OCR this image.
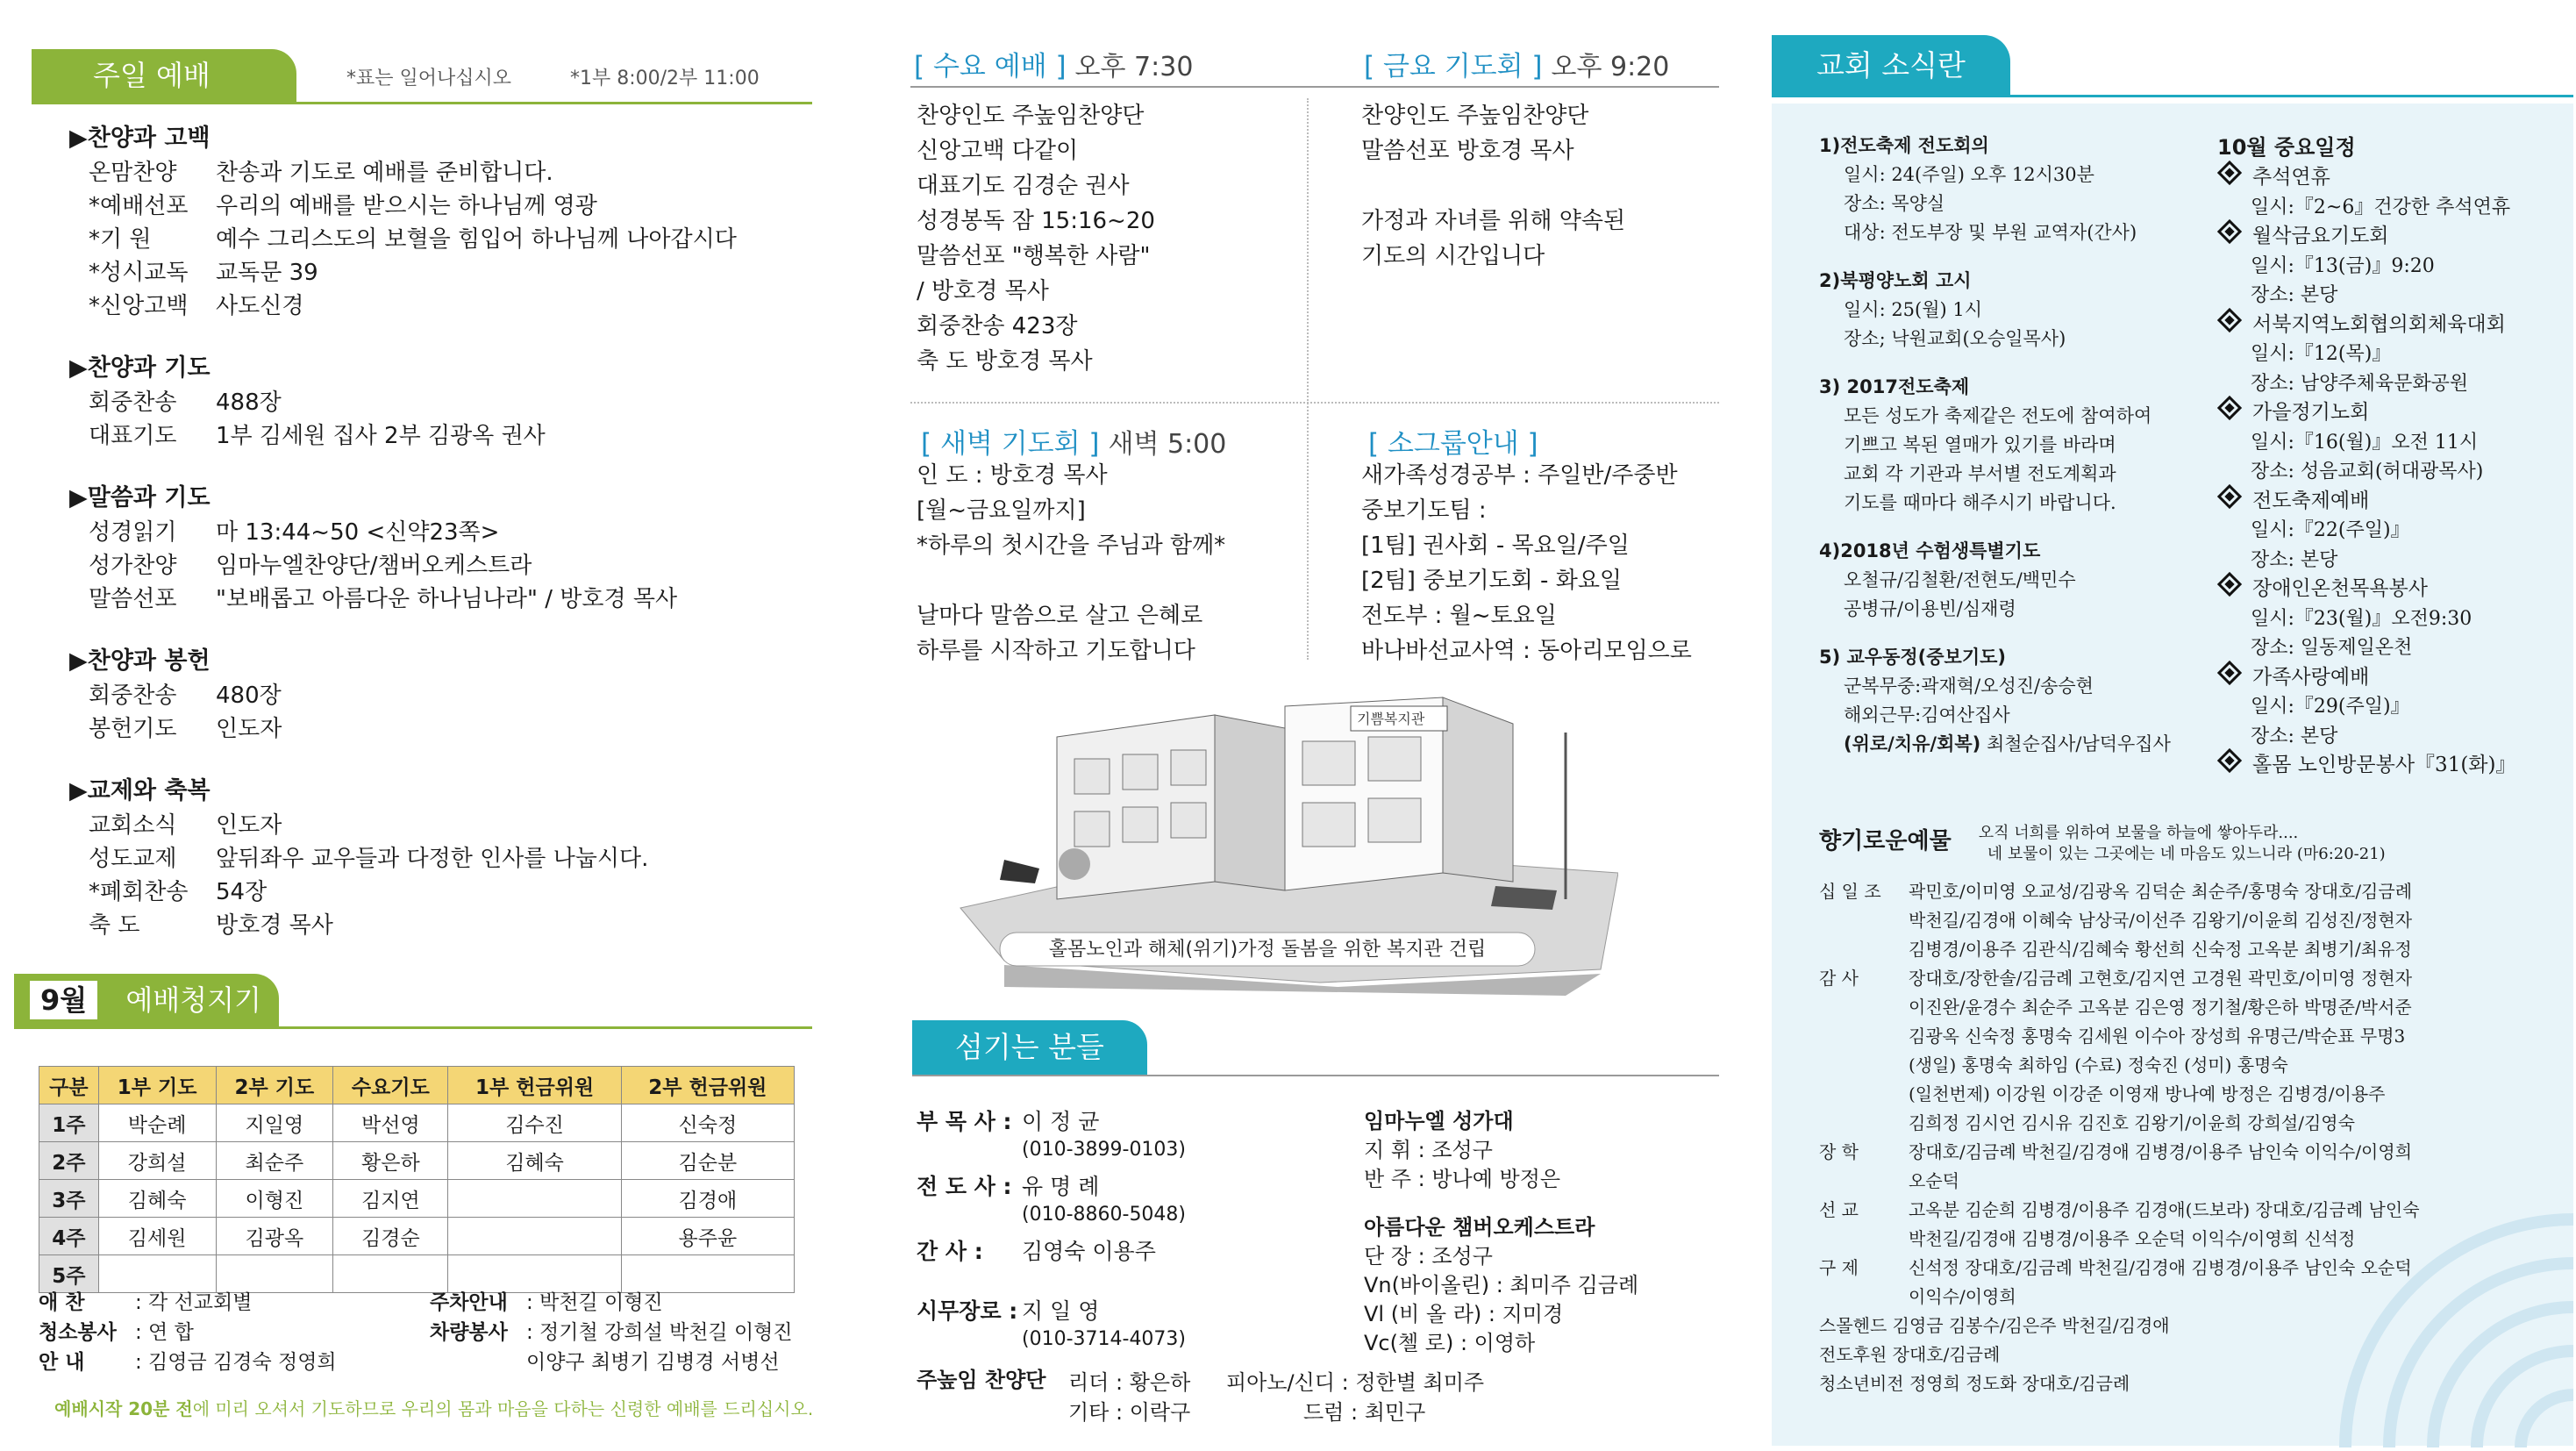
주일 예배	*표는 일어나십시오	*1부 8:00/2부 11:00
▶찬양과 고백
온맘찬양	찬송과 기도로 예배를 준비합니다.
*예배선포	우리의 예배를 받으시는 하나님께 영광
*기 원	예수 그리스도의 보혈을 힘입어 하나님께 나아갑시다
*성시교독	교독문 39
*신앙고백	사도신경
▶찬양과 기도
회중찬송	488장
대표기도	1부 김세원 집사 2부 김광옥 권사
▶말씀과 기도
성경읽기	마 13:44~50 <신약23쪽>
성가찬양	임마누엘찬양단/챔버오케스트라
말씀선포	"보배롭고 아름다운 하나님나라" / 방호경 목사
▶찬양과 봉헌
회중찬송	480장
봉헌기도	인도자
▶교제와 축복
교회소식	인도자
성도교제	앞뒤좌우 교우들과 다정한 인사를 나눕시다.
*폐회찬송	54장
축 도	방호경 목사
9월 예배청지기
구분	1부 기도	2부 기도	수요기도	1부 헌금위원	2부 헌금위원
1주	박순례	지일영	박선영	김수진	신숙정
2주	강희설	최순주	황은하	김혜숙	김순분
3주	김혜숙	이형진	김지연		김경애
4주	김세원	김광옥	김경순		용주윤
5주					
애 찬	: 각 선교회별
청소봉사 : 연 합
안 내	: 김영금 김경숙 정영희
주차안내 : 박천길 이형진
차량봉사 : 정기철 강희설 박천길 이형진
이양구 최병기 김병경 서병선
예배시작 20분 전에 미리 오셔서 기도하므로 우리의 몸과 마음을 다하는 신령한 예배를 드리십시오.
[ 수요 예배 ] 오후 7:30	[ 금요 기도회 ] 오후 9:20
찬양인도 주높임찬양단
신앙고백 다같이
대표기도 김경순 권사
성경봉독 잠 15:16~20
말씀선포 "행복한 사람"
/ 방호경 목사
회중찬송 423장
축 도 방호경 목사
찬양인도 주높임찬양단
말씀선포 방호경 목사
가정과 자녀를 위해 약속된
기도의 시간입니다
[ 새벽 기도회 ] 새벽 5:00	[ 소그룹안내 ]
인 도 : 방호경 목사
[월~금요일까지]
*하루의 첫시간을 주님과 함께*
날마다 말씀으로 살고 은혜로
하루를 시작하고 기도합니다
새가족성경공부 : 주일반/주중반
중보기도팀 :
[1팀] 권사회 - 목요일/주일
[2팀] 중보기도회 - 화요일
전도부 : 월~토요일
바나바선교사역 : 동아리모임으로
기쁨복지관
홀몸노인과 해체(위기)가정 돌봄을 위한 복지관 건립
섬기는 분들
부 목 사 : 이 정 균
(010-3899-0103)
전 도 사 : 유 명 례
(010-8860-5048)
간 사 : 김영숙 이용주
시무장로 : 지 일 영
(010-3714-4073)
임마누엘 성가대
지 휘 : 조성구
반 주 : 방나예 방정은
아름다운 챔버오케스트라
단 장 : 조성구
Vn(바이올린) : 최미주 김금례
Vl (비 올 라) : 지미경
Vc(첼 로) : 이영하
주높임 찬양단 리더 : 황은하 피아노/신디 : 정한별 최미주
기타 : 이락구	드럼 : 최민구
교회 소식란
1)전도축제 전도회의
일시: 24(주일) 오후 12시30분
장소: 목양실
대상: 전도부장 및 부원 교역자(간사)
2)북평양노회 고시
일시: 25(월) 1시
장소; 낙원교회(오승일목사)
3) 2017전도축제
모든 성도가 축제같은 전도에 참여하여
기쁘고 복된 열매가 있기를 바라며
교회 각 기관과 부서별 전도계획과
기도를 때마다 해주시기 바랍니다.
4)2018년 수험생특별기도
오철규/김철환/전현도/백민수
공병규/이용빈/심재령
5) 교우동정(중보기도)
군복무중:곽재혁/오성진/송승현
해외근무:김여산집사
(위로/치유/회복) 최철순집사/남덕우집사
10월 중요일정
추석연휴
일시:『2~6』건강한 추석연휴
월삭금요기도회
일시:『13(금)』9:20
장소: 본당
서북지역노회협의회체육대회
일시:『12(목)』
장소: 남양주체육문화공원
가을정기노회
일시:『16(월)』오전 11시
장소: 성음교회(허대광목사)
전도축제예배
일시:『22(주일)』
장소: 본당
장애인온천목욕봉사
일시:『23(월)』오전9:30
장소: 일동제일온천
가족사랑예배
일시:『29(주일)』
장소: 본당
홀몸 노인방문봉사『31(화)』
향기로운예물 오직 너희를 위하여 보물을 하늘에 쌓아두라....
네 보물이 있는 그곳에는 네 마음도 있느니라 (마6:20-21)
십 일 조 곽민호/이미영 오교성/김광옥 김덕순 최순주/홍명숙 장대호/김금례
박천길/김경애 이혜숙 남상국/이선주 김왕기/이윤희 김성진/정현자
김병경/이용주 김관식/김혜숙 황선희 신숙정 고옥분 최병기/최유정
감 사	장대호/장한솔/김금례 고현호/김지연 고경원 곽민호/이미영 정현자
이진완/윤경수 최순주 고옥분 김은영 정기철/황은하 박명준/박서준
김광옥 신숙정 홍명숙 김세원 이수아 장성희 유명근/박순표 무명3
(생일) 홍명숙 최하임 (수료) 정숙진 (성미) 홍명숙
(일천번제) 이강원 이강준 이영재 방나예 방정은 김병경/이용주
김희정 김시언 김시유 김진호 김왕기/이윤희 강희설/김영숙
장 학	장대호/김금례 박천길/김경애 김병경/이용주 남인숙 이익수/이영희
오순덕
선 교	고옥분 김순희 김병경/이용주 김경애(드보라) 장대호/김금례 남인숙
박천길/김경애 김병경/이용주 오순덕 이익수/이영희 신석정
구 제	신석정 장대호/김금례 박천길/김경애 김병경/이용주 남인숙 오순덕
이익수/이영희
스몰헨드 김영금 김봉수/김은주 박천길/김경애
전도후원 장대호/김금례
청소년비전 정영희 정도화 장대호/김금례
